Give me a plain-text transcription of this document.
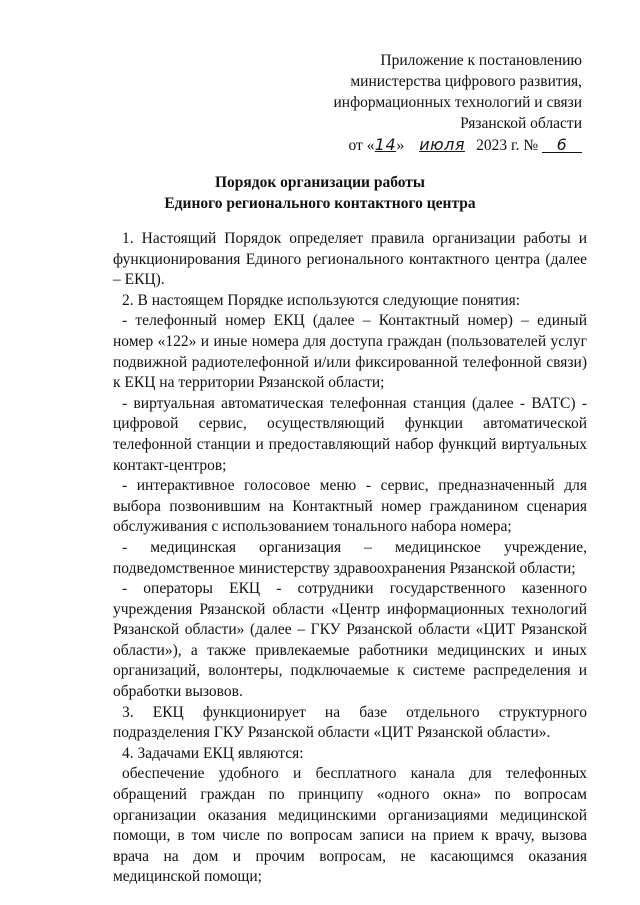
Приложение к постановлению
министерства цифрового развития,
информационных технологий и связи
Рязанской области
от «14» июля 2023 г. № 6
Порядок организации работы
Единого регионального контактного центра

1. Настоящий Порядок определяет правила организации работы и функционирования Единого регионального контактного центра (далее – ЕКЦ).

2. В настоящем Порядке используются следующие понятия:

- телефонный номер ЕКЦ (далее – Контактный номер) – единый номер «122» и иные номера для доступа граждан (пользователей услуг подвижной радиотелефонной и/или фиксированной телефонной связи) к ЕКЦ на территории Рязанской области;

- виртуальная автоматическая телефонная станция (далее - ВАТС) - цифровой сервис, осуществляющий функции автоматической телефонной станции и предоставляющий набор функций виртуальных контакт-центров;

- интерактивное голосовое меню - сервис, предназначенный для выбора позвонившим на Контактный номер гражданином сценария обслуживания с использованием тонального набора номера;

- медицинская организация – медицинское учреждение, подведомственное министерству здравоохранения Рязанской области;

- операторы ЕКЦ - сотрудники государственного казенного учреждения Рязанской области «Центр информационных технологий Рязанской области» (далее – ГКУ Рязанской области «ЦИТ Рязанской области»), а также привлекаемые работники медицинских и иных организаций, волонтеры, подключаемые к системе распределения и обработки вызовов.

3. ЕКЦ функционирует на базе отдельного структурного подразделения ГКУ Рязанской области «ЦИТ Рязанской области».

4. Задачами ЕКЦ являются:

обеспечение удобного и бесплатного канала для телефонных обращений граждан по принципу «одного окна» по вопросам организации оказания медицинскими организациями медицинской помощи, в том числе по вопросам записи на прием к врачу, вызова врача на дом и прочим вопросам, не касающимся оказания медицинской помощи;
